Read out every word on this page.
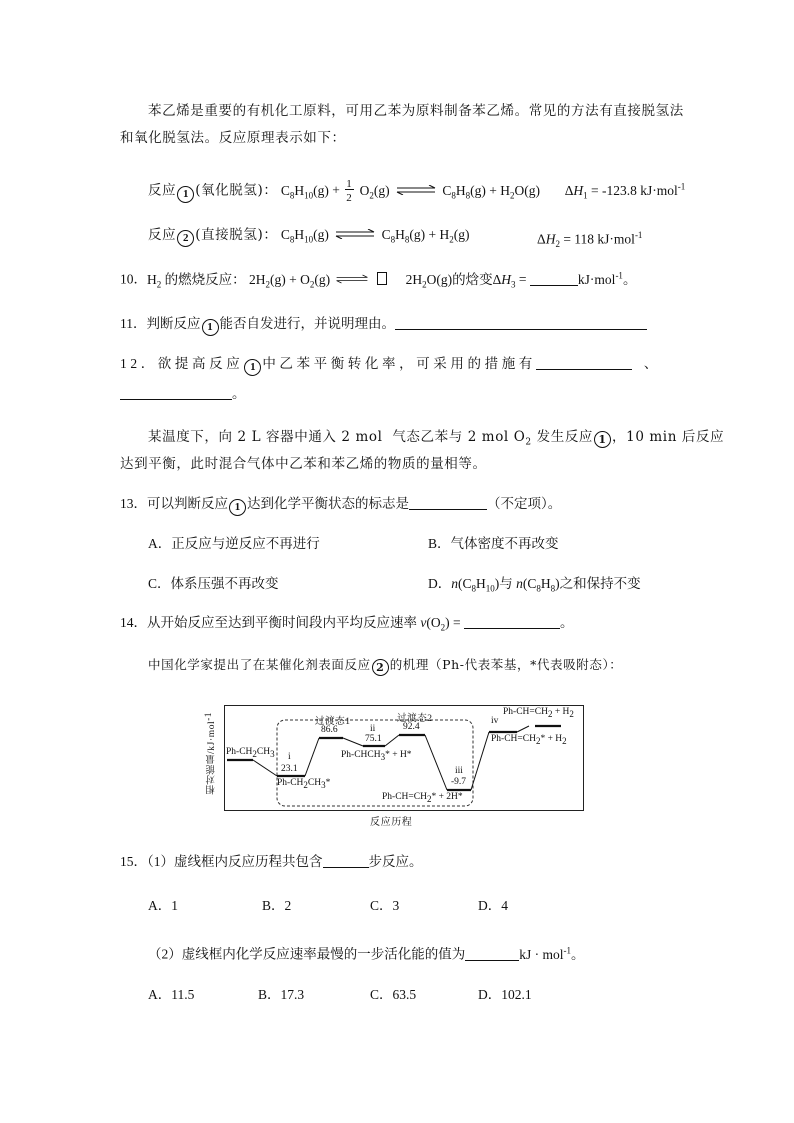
苯乙烯是重要的有机化工原料，可用乙苯为原料制备苯乙烯。常见的方法有直接脱氢法
和氧化脱氢法。反应原理表示如下：
反应 1 (氧化脱氢)： $C_8H_{10}(g) + \frac{1}{2} O_2(g)$ ⇌ $C_8H_8(g) + H_2O(g) \Delta H_1 = -123.8$ kJ·mol$^{-1}$
反应 2 (直接脱氢)： $C_8H_{10}(g)$ ⇌ $C_8H_8(g) + H_2(g)$	$\Delta H_2 = 118$ kJ·mol$^{-1}$
10．$H_2$ 的燃烧反应： $2H_2(g) + O_2(g)$ ⇌	$2H_2O(g)$的焓变$\Delta H_3$ =	kJ·mol$^{-1}$。
11．判断反应 1 能否自发进行，并说明理由。
12．欲提高反应 1 中乙苯平衡转化率，可采用的措施有	、
。
某温度下，向 2 L 容器中通入 2 mol  气态乙苯与 2 mol $O_2$ 发生反应 1 ，10 min 后反应
达到平衡，此时混合气体中乙苯和苯乙烯的物质的量相等。
13．可以判断反应 1 达到化学平衡状态的标志是	（不定项）。
A．正反应与逆反应不再进行	B．气体密度不再改变
C．体系压强不再改变	D．$n(C_8H_{10})$与 $n(C_8H_8)$之和保持不变
14．从开始反应至达到平衡时间段内平均反应速率 $v(O_2)$ =	。
中国化学家提出了在某催化剂表面反应 2 的机理（Ph-代表苯基，*代表吸附态）：
$Ph-CH_2CH_3$ i
23.1
$Ph-CH_2CH_3*$
过渡态1
86.6	ii
75.1
$Ph-CHCH_3* + H*$
过渡态2
92.4
iii
-9.7
$Ph-CH=CH_2* + 2H*$
iv
$Ph-CH=CH_2 + H_2$
$Ph-CH=CH_2* + H_2$
相对能量/kJ·mol$^{-1}$
反应历程
15．（1）虚线框内反应历程共包含	步反应。
A．1	B．2	C．3	D．4
（2）虚线框内化学反应速率最慢的一步活化能的值为	kJ · mol$^{-1}$。
A．11.5	B．17.3	C．63.5	D．102.1
